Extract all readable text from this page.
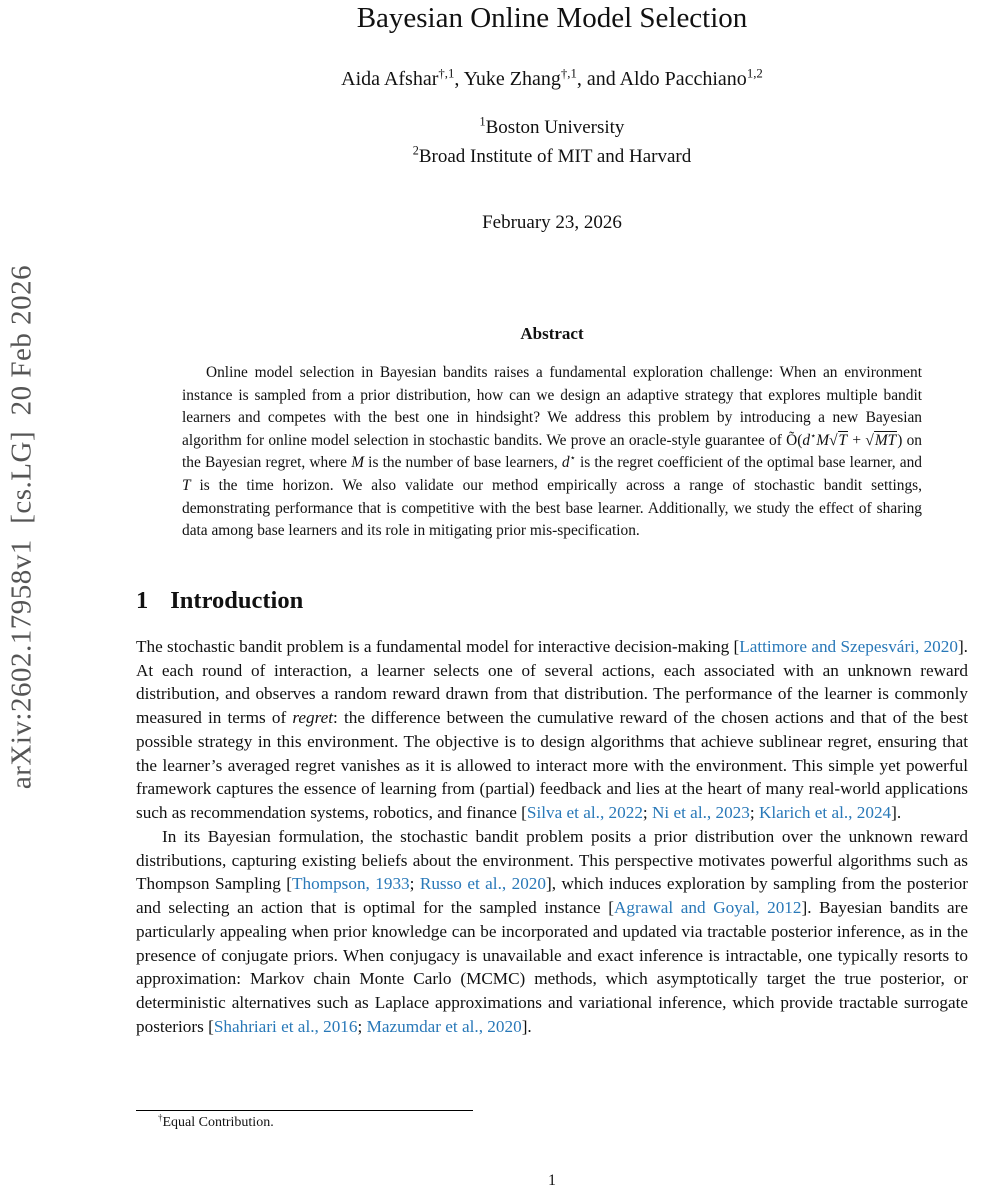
arXiv:2602.17958v1  [cs.LG]  20 Feb 2026
Bayesian Online Model Selection
Aida Afshar$^{\dagger,1}$, Yuke Zhang$^{\dagger,1}$, and Aldo Pacchiano$^{1,2}$
$^1$Boston University
$^2$Broad Institute of MIT and Harvard
February 23, 2026
Abstract
Online model selection in Bayesian bandits raises a fundamental exploration challenge: When an environment instance is sampled from a prior distribution, how can we design an adaptive strategy that explores multiple bandit learners and competes with the best one in hindsight? We address this problem by introducing a new Bayesian algorithm for online model selection in stochastic bandits. We prove an oracle-style guarantee of Õ(d⋆M√T + √MT) on the Bayesian regret, where M is the number of base learners, d⋆ is the regret coefficient of the optimal base learner, and T is the time horizon. We also validate our method empirically across a range of stochastic bandit settings, demonstrating performance that is competitive with the best base learner. Additionally, we study the effect of sharing data among base learners and its role in mitigating prior mis-specification.
1 Introduction

The stochastic bandit problem is a fundamental model for interactive decision-making [Lattimore and Szepesvári, 2020]. At each round of interaction, a learner selects one of several actions, each associated with an unknown reward distribution, and observes a random reward drawn from that distribution. The performance of the learner is commonly measured in terms of regret: the difference between the cumulative reward of the chosen actions and that of the best possible strategy in this environment. The objective is to design algorithms that achieve sublinear regret, ensuring that the learner’s averaged regret vanishes as it is allowed to interact more with the environment. This simple yet powerful framework captures the essence of learning from (partial) feedback and lies at the heart of many real-world applications such as recommendation systems, robotics, and finance [Silva et al., 2022; Ni et al., 2023; Klarich et al., 2024].

In its Bayesian formulation, the stochastic bandit problem posits a prior distribution over the unknown reward distributions, capturing existing beliefs about the environment. This perspective motivates powerful algorithms such as Thompson Sampling [Thompson, 1933; Russo et al., 2020], which induces exploration by sampling from the posterior and selecting an action that is optimal for the sampled instance [Agrawal and Goyal, 2012]. Bayesian bandits are particularly appealing when prior knowledge can be incorporated and updated via tractable posterior inference, as in the presence of conjugate priors. When conjugacy is unavailable and exact inference is intractable, one typically resorts to approximation: Markov chain Monte Carlo (MCMC) methods, which asymptotically target the true posterior, or deterministic alternatives such as Laplace approximations and variational inference, which provide tractable surrogate posteriors [Shahriari et al., 2016; Mazumdar et al., 2020].

†Equal Contribution.
1
